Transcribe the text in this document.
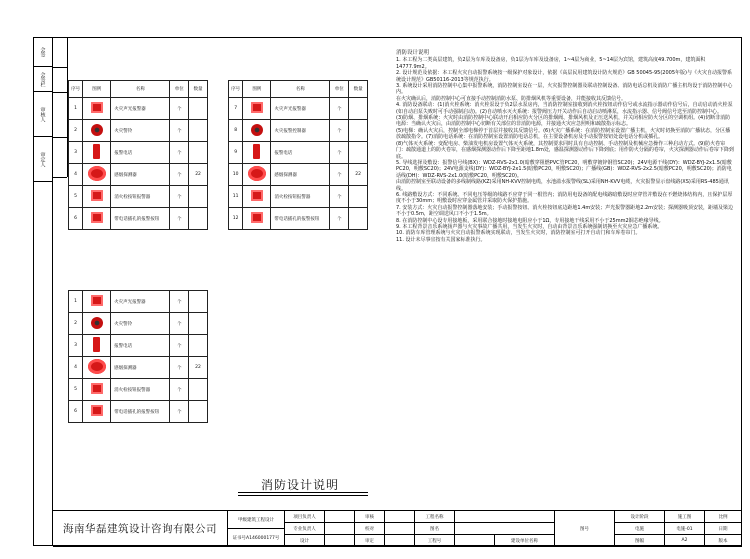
会签
会签栏
审核人
审定人
序号	图例	名称	单位	数量
1		火灾声光报警器	个	
2		火灾警铃	个	
3		报警电话	个	
4		感烟探测器	个	22
5		消火栓按钮报警器	个	
6		带电话插孔的报警按钮	个	
序号	图例	名称	单位	数量
7		火灾声光报警器	个	
8		火灾报警控制器	个	
9		报警电话	个	
10		感烟探测器	个	22
11		消火栓按钮报警器	个	
12		带电话插孔的报警按钮	个	
1		火灾声光报警器	个	
2		火灾警铃	个	
3		报警电话	个	
4		感烟探测器	个	22
5		消火栓按钮报警器	个	
6		带电话插孔的报警按钮	个	

消防设计说明

1. 本工程为二类高层建筑，负2层为车库及设备房，负1层为车库及设备房，1~4层为商业，5~14层为宾馆，建筑高度49.700m，建筑面积14777.9m2。

2. 设计规范及依据：本工程火灾自动报警系统按一级保护对象设计，依据《高层民用建筑设计防火规范》GB 50045-95(2005年版)与《火灾自动报警系统设计规范》GB50116-2013等规范执行。

3. 系统设计采用消防控制中心集中报警系统，消防控制室设在一层，火灾报警控制器及联动控制设备、消防电话总机及消防广播主机均设于消防控制中心内。

在火灾确认后，消防控制中心可直接手动控制消防水泵、防排烟风机等重要设备，并能接收其反馈信号。

4. 消防设备联动：(1)消火栓系统：消火栓泵设于负2层水泵房内，当消防控制室接收到消火栓按钮动作信号或水流指示器动作信号后，自动启动消火栓泵(如自动启泵失败时可手动强制启动)。(2)自动喷水灭火系统：报警阀压力开关动作后自动启动喷淋泵，水流指示器、信号阀信号送至消防控制中心。

(3)防烟、排烟系统：火灾时由消防控制中心联动开启相应防火分区的排烟阀、排烟风机及正压送风机，并关闭相应防火分区的空调机组。(4)切断非消防电源：当确认火灾后，由消防控制中心切断有关部位的非消防电源，并接通火灾应急照明和疏散指示标志。

(5)电梯：确认火灾后，控制全部电梯停于首层并接收其反馈信号。(6)火灾广播系统：在消防控制室设置广播主机，火灾时切换至消防广播状态，分区播放疏散指令。(7)消防电话系统：在消防控制室设置消防电话总机，在主要设备机房及手动报警按钮处设电话分机或插孔。

(8)气体灭火系统：变配电房、柴油发电机房设置气体灭火系统，其控制要求同时具有自动控制、手动控制及机械应急操作三种启动方式。(9)防火卷帘门：疏散通道上的防火卷帘，在感烟探测器动作后下降至距地1.8m处，感温探测器动作后下降到底；用作防火分隔的卷帘，火灾探测器动作后卷帘下降到底。

5. 导线选择及敷设：报警信号线(BX)：WDZ-RVS-2x1.0(暗敷穿阻燃PVC管PC20，明敷穿镀锌钢管SC20)；24V电源干线(DY)：WDZ-BYJ-2x1.5(暗敷PC20，明敷SC20)；24V电源支线(DY)：WDZ-BYJ-2x1.5(暗敷PC20，明敷SC20)；广播线(GB)：WDZ-RVS-2x2.5(暗敷PC20，明敷SC20)；消防电话线(DH)：WDZ-RVS-2x1.0(暗敷PC20，明敷SC20)。

由消防控制室至联动设备的多线制线路(KZ)采用NH-KVV控制电缆，水池溢水报警线(SL)采用NH-KVV电缆，火灾报警显示盘线路(XS)采用RS-485通讯线。

6. 线路敷设方式：不同系统、不同电压等级的线路不应穿于同一根管内；消防用电设备的配电线路暗敷设时应穿管并敷设在不燃烧体结构内，且保护层厚度不小于30mm；明敷设时应穿金属管并采取防火保护措施。

7. 安装方式：火灾自动报警控制器落地安装；手动报警按钮、消火栓按钮底边距地1.4m安装；声光报警器距地2.2m安装；探测器吸顶安装，距墙及梁边不小于0.5m，距空调送风口不小于1.5m。

8. 在消防控制中心设专用接地板，采用联合接地时接地电阻应小于1Ω，专用接地干线采用不小于25mm2铜芯绝缘导线。

9. 本工程背景音乐系统扬声器与火灾事故广播共用，当发生火灾时，自动由背景音乐系统强制切换至火灾应急广播系统。

10. 消防车库管理系统与火灾自动报警系统实现联动，当发生火灾时，消防控制室可打开自动门和车库卷帘门。

11. 设计未尽事宜按有关国家标准执行。

消防设计说明
海南华磊建筑设计咨询有限公司
甲级建筑工程设计
证书号A146000177号
项目负责人	审核
专业负责人	校对
设计	审定
工程名称
图名
工程号	建设单位名称
图号
设计阶段	施工图
电施	电施-01
图幅	A2
比例
日期
版本
